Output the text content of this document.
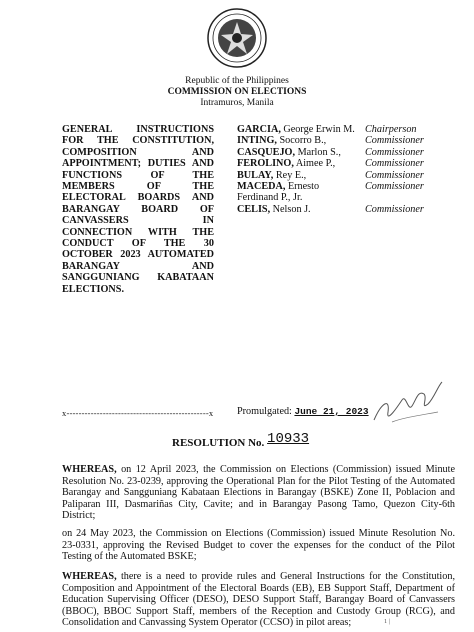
Republic of the Philippines
COMMISSION ON ELECTIONS
Intramuros, Manila
GENERAL INSTRUCTIONS FOR THE CONSTITUTION, COMPOSITION AND APPOINTMENT; DUTIES AND FUNCTIONS OF THE MEMBERS OF THE ELECTORAL BOARDS AND BARANGAY BOARD OF CANVASSERS IN CONNECTION WITH THE CONDUCT OF THE 30 OCTOBER 2023 AUTOMATED BARANGAY AND SANGGUNIANG KABATAAN ELECTIONS.
GARCIA, George Erwin M. Chairperson
INTING, Socorro B.,	Commissioner
CASQUEJO, Marlon S., Commissioner
FEROLINO, Aimee P.,	Commissioner
BULAY, Rey E.,	Commissioner
MACEDA, Ernesto	Commissioner
Ferdinand P., Jr.
CELIS, Nelson J.	Commissioner
x-----------------------------------------------x Promulgated: June 21, 2023
RESOLUTION No. 10933
WHEREAS, on 12 April 2023, the Commission on Elections (Commission) issued Minute Resolution No. 23-0239, approving the Operational Plan for the Pilot Testing of the Automated Barangay and Sangguniang Kabataan Elections in Barangay (BSKE) Zone II, Poblacion and Paliparan III, Dasmariñas City, Cavite; and in Barangay Pasong Tamo, Quezon City-6th District;
on 24 May 2023, the Commission on Elections (Commission) issued Minute Resolution No. 23-0331, approving the Revised Budget to cover the expenses for the conduct of the Pilot Testing of the Automated BSKE;
WHEREAS, there is a need to provide rules and General Instructions for the Constitution, Composition and Appointment of the Electoral Boards (EB), EB Support Staff, Department of Education Supervising Officer (DESO), DESO Support Staff, Barangay Board of Canvassers (BBOC), BBOC Support Staff, members of the Reception and Custody Group (RCG), and Consolidation and Canvassing System Operator (CCSO) in pilot areas;	1 |
